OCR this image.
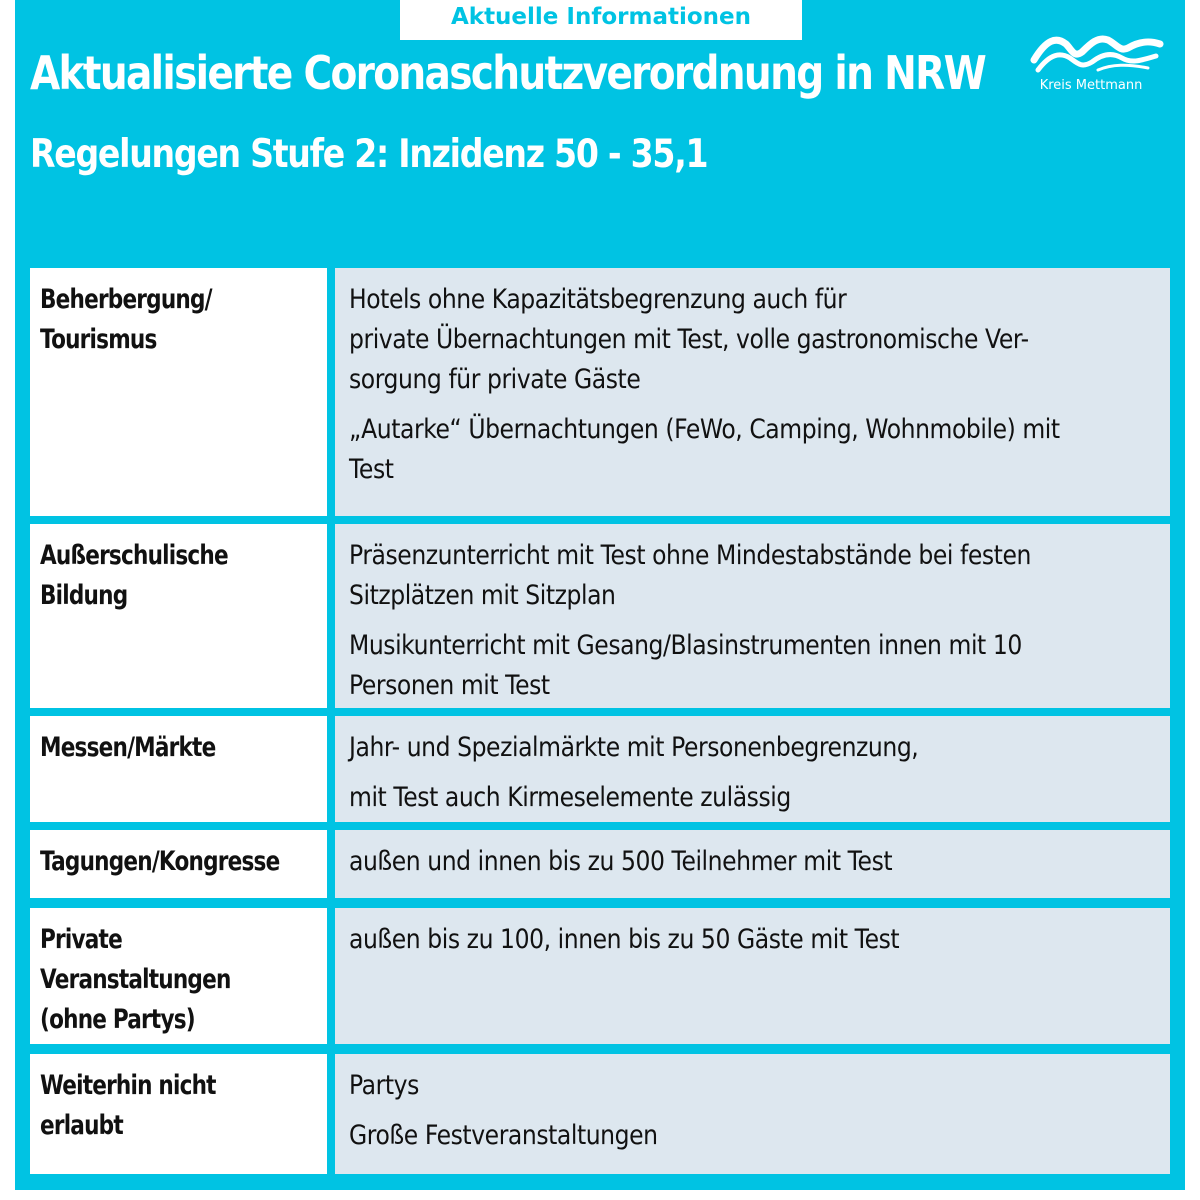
Aktuelle Informationen
Aktualisierte Coronaschutzverordnung in NRW
Regelungen Stufe 2: Inzidenz 50 - 35,1
Kreis Mettmann
Beherbergung/
Tourismus
Hotels ohne Kapazitätsbegrenzung auch für
private Übernachtungen mit Test, volle gastronomische Ver-
sorgung für private Gäste
„Autarke“ Übernachtungen (FeWo, Camping, Wohnmobile) mit
Test
Außerschulische
Bildung
Präsenzunterricht mit Test ohne Mindestabstände bei festen
Sitzplätzen mit Sitzplan
Musikunterricht mit Gesang/Blasinstrumenten innen mit 10
Personen mit Test
Messen/Märkte	Jahr- und Spezialmärkte mit Personenbegrenzung,
mit Test auch Kirmeselemente zulässig
Tagungen/Kongresse	außen und innen bis zu 500 Teilnehmer mit Test
Private
Veranstaltungen
(ohne Partys)
außen bis zu 100, innen bis zu 50 Gäste mit Test
Weiterhin nicht erlaubt
Partys
Große Festveranstaltungen
